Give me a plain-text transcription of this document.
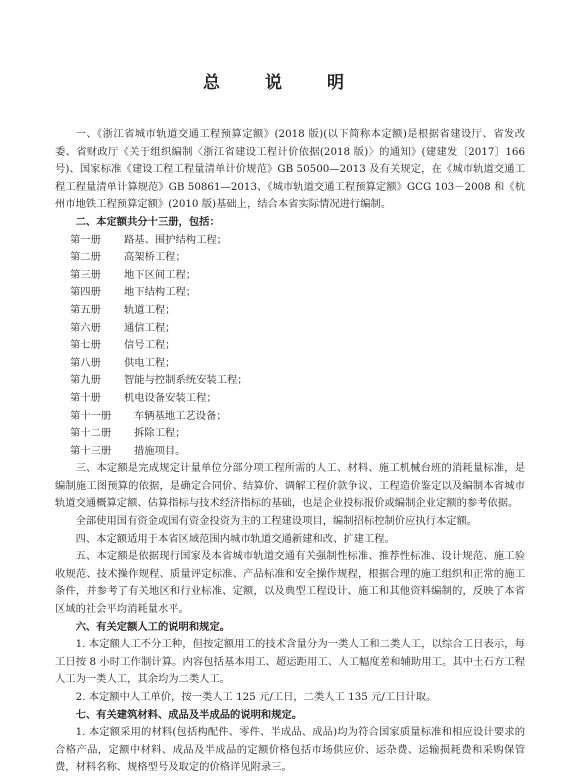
总　说　明

一、《浙江省城市轨道交通工程预算定额》(2018 版)(以下简称本定额)是根据省建设厅、省发改委、省财政厅《关于组织编制〈浙江省建设工程计价依据(2018 版)〉的通知》(建建发〔2017〕166 号)、国家标准《建设工程工程量清单计价规范》GB 50500—2013 及有关规定，在《城市轨道交通工程工程量清单计算规范》GB 50861—2013、《城市轨道交通工程预算定额》GCG 103－2008 和《杭州市地铁工程预算定额》(2010 版)基础上，结合本省实际情况进行编制。

二、本定额共分十三册，包括：

第一册 路基、围护结构工程；
第二册 高架桥工程；
第三册 地下区间工程；
第四册 地下结构工程；
第五册 轨道工程；
第六册 通信工程；
第七册 信号工程；
第八册 供电工程；
第九册 智能与控制系统安装工程；
第十册 机电设备安装工程；
第十一册 车辆基地工艺设备；
第十二册 拆除工程；
第十三册 措施项目。

三、本定额是完成规定计量单位分部分项工程所需的人工、材料、施工机械台班的消耗量标准，是编制施工图预算的依据，是确定合同价、结算价、调解工程价款争议、工程造价鉴定以及编制本省城市轨道交通概算定额、估算指标与技术经济指标的基础，也是企业投标报价或编制企业定额的参考依据。

全部使用国有资金或国有资金投资为主的工程建设项目，编制招标控制价应执行本定额。

四、本定额适用于本省区域范围内城市轨道交通新建和改、扩建工程。

五、本定额是依据现行国家及本省城市轨道交通有关强制性标准、推荐性标准、设计规范、施工验收规范、技术操作规程、质量评定标准、产品标准和安全操作规程，根据合理的施工组织和正常的施工条件，并参考了有关地区和行业标准、定额，以及典型工程设计、施工和其他资料编制的，反映了本省区域的社会平均消耗量水平。

六、有关定额人工的说明和规定。

1. 本定额人工不分工种，但按定额用工的技术含量分为一类人工和二类人工，以综合工日表示，每工日按 8 小时工作制计算。内容包括基本用工、超运距用工、人工幅度差和辅助用工。其中土石方工程人工为一类人工，其余均为二类人工。

2. 本定额中人工单价，按一类人工 125 元/工日，二类人工 135 元/工日计取。

七、有关建筑材料、成品及半成品的说明和规定。

1. 本定额采用的材料(包括构配件、零件、半成品、成品)均为符合国家质量标准和相应设计要求的合格产品，定额中材料、成品及半成品的定额价格包括市场供应价、运杂费、运输损耗费和采购保管费，材料名称、规格型号及取定的价格详见附录三。
